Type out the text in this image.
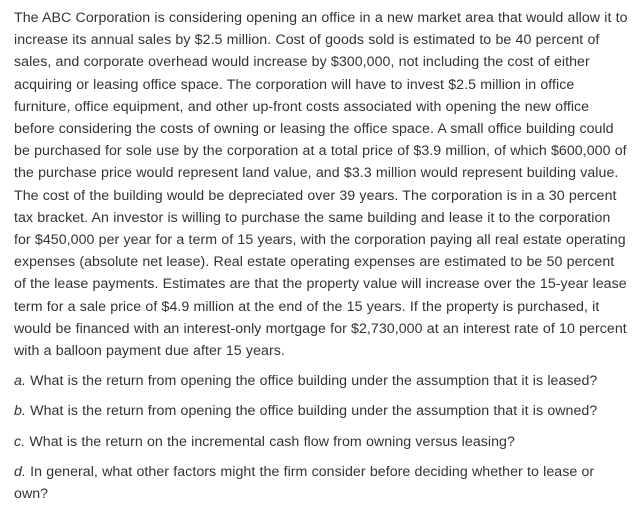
The ABC Corporation is considering opening an office in a new market area that would allow it to increase its annual sales by $2.5 million. Cost of goods sold is estimated to be 40 percent of sales, and corporate overhead would increase by $300,000, not including the cost of either acquiring or leasing office space. The corporation will have to invest $2.5 million in office furniture, office equipment, and other up-front costs associated with opening the new office before considering the costs of owning or leasing the office space. A small office building could be purchased for sole use by the corporation at a total price of $3.9 million, of which $600,000 of the purchase price would represent land value, and $3.3 million would represent building value. The cost of the building would be depreciated over 39 years. The corporation is in a 30 percent tax bracket. An investor is willing to purchase the same building and lease it to the corporation for $450,000 per year for a term of 15 years, with the corporation paying all real estate operating expenses (absolute net lease). Real estate operating expenses are estimated to be 50 percent of the lease payments. Estimates are that the property value will increase over the 15-year lease term for a sale price of $4.9 million at the end of the 15 years. If the property is purchased, it would be financed with an interest-only mortgage for $2,730,000 at an interest rate of 10 percent with a balloon payment due after 15 years.

a. What is the return from opening the office building under the assumption that it is leased?

b. What is the return from opening the office building under the assumption that it is owned?

c. What is the return on the incremental cash flow from owning versus leasing?

d. In general, what other factors might the firm consider before deciding whether to lease or own?
